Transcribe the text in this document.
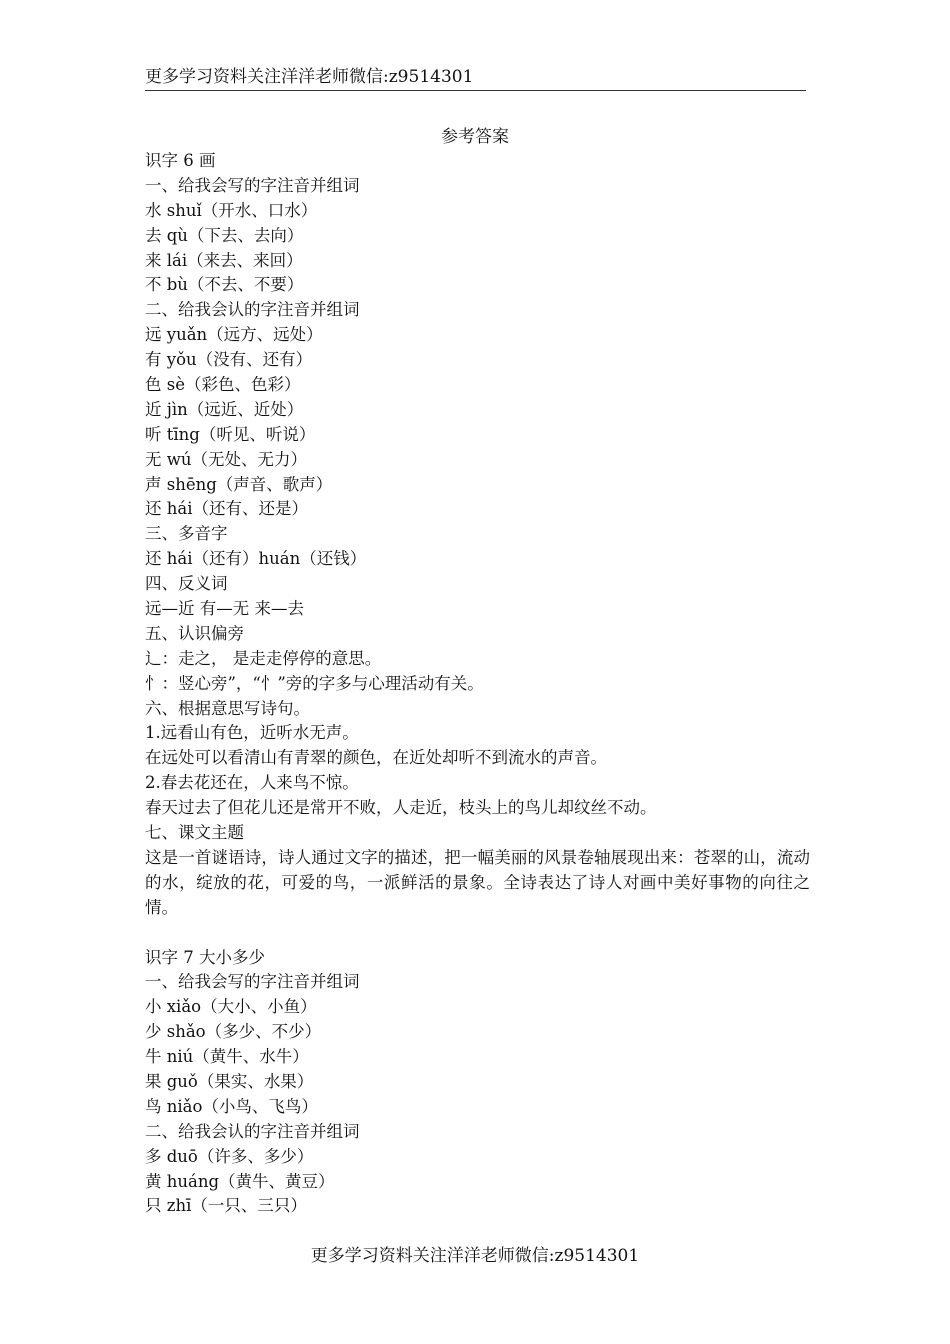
更多学习资料关注洋洋老师微信:z9514301
参考答案
识字 6 画
一、给我会写的字注音并组词
水 shuǐ（开水、口水）
去 qù（下去、去向）
来 lái（来去、来回）
不 bù（不去、不要）
二、给我会认的字注音并组词
远 yuǎn（远方、远处）
有 yǒu（没有、还有）
色 sè（彩色、色彩）
近 jìn（远近、近处）
听 tīng（听见、听说）
无 wú（无处、无力）
声 shēng（声音、歌声）
还 hái（还有、还是）
三、多音字
还 hái（还有）huán（还钱）
四、反义词
远—近 有—无 来—去
五、认识偏旁
辶：走之， 是走走停停的意思。
忄：竖心旁”，“忄”旁的字多与心理活动有关。
六、根据意思写诗句。
1.远看山有色，近听水无声。
在远处可以看清山有青翠的颜色，在近处却听不到流水的声音。
2.春去花还在，人来鸟不惊。
春天过去了但花儿还是常开不败，人走近，枝头上的鸟儿却纹丝不动。
七、课文主题
这是一首谜语诗，诗人通过文字的描述，把一幅美丽的风景卷轴展现出来：苍翠的山，流动的水，绽放的花，可爱的鸟，一派鲜活的景象。全诗表达了诗人对画中美好事物的向往之情。
识字 7 大小多少
一、给我会写的字注音并组词
小 xiǎo（大小、小鱼）
少 shǎo（多少、不少）
牛 niú（黄牛、水牛）
果 guǒ（果实、水果）
鸟 niǎo（小鸟、飞鸟）
二、给我会认的字注音并组词
多 duō（许多、多少）
黄 huáng（黄牛、黄豆）
只 zhī（一只、三只）
更多学习资料关注洋洋老师微信:z9514301
